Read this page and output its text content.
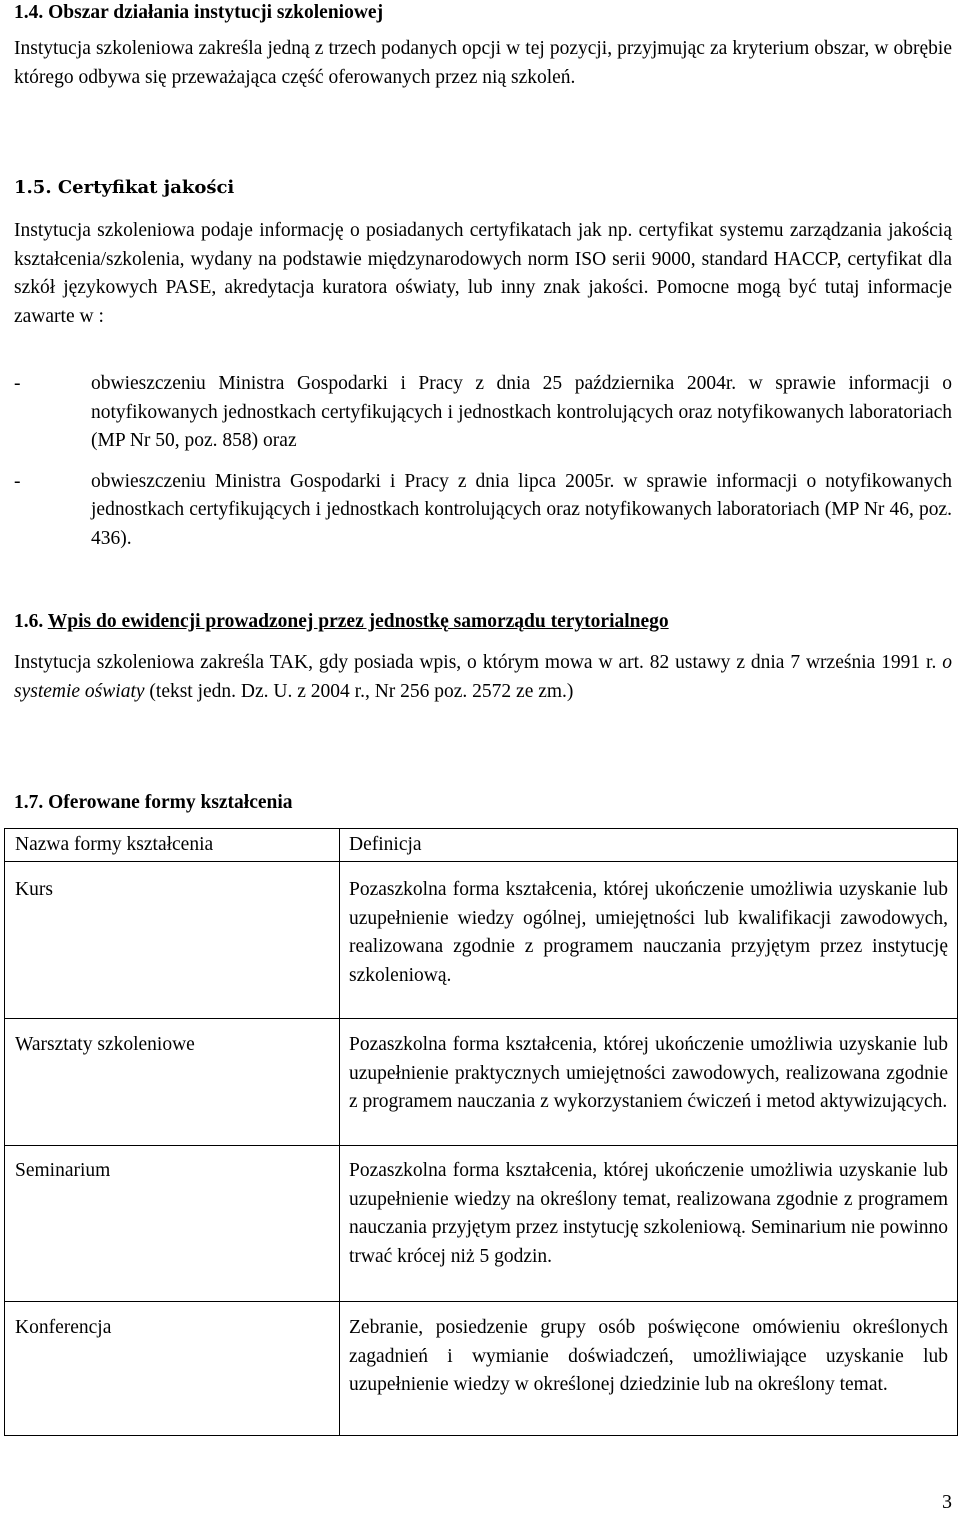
1.4. Obszar działania instytucji szkoleniowej

Instytucja szkoleniowa zakreśla jedną z trzech podanych opcji w tej pozycji, przyjmując za kryterium obszar, w obrębie którego odbywa się przeważająca część oferowanych przez nią szkoleń.

1.5. Certyfikat jakości

Instytucja szkoleniowa podaje informację o posiadanych certyfikatach jak np. certyfikat systemu zarządzania jakością kształcenia/szkolenia, wydany na podstawie międzynarodowych norm ISO serii 9000, standard HACCP, certyfikat dla szkół językowych PASE, akredytacja kuratora oświaty, lub inny znak jakości. Pomocne mogą być tutaj informacje zawarte w :

-	obwieszczeniu Ministra Gospodarki i Pracy z dnia 25 października 2004r. w sprawie informacji o notyfikowanych jednostkach certyfikujących i jednostkach kontrolujących oraz notyfikowanych laboratoriach (MP Nr 50, poz. 858) oraz
-	obwieszczeniu Ministra Gospodarki i Pracy z dnia lipca 2005r. w sprawie informacji o notyfikowanych jednostkach certyfikujących i jednostkach kontrolujących oraz notyfikowanych laboratoriach (MP Nr 46, poz. 436).
1.6. Wpis do ewidencji prowadzonej przez jednostkę samorządu terytorialnego

Instytucja szkoleniowa zakreśla TAK, gdy posiada wpis, o którym mowa w art. 82 ustawy z dnia 7 września 1991 r. o systemie oświaty (tekst jedn. Dz. U. z 2004 r., Nr 256 poz. 2572 ze zm.)

1.7. Oferowane formy kształcenia
Nazwa formy kształcenia	Definicja
Kurs	Pozaszkolna forma kształcenia, której ukończenie umożliwia uzyskanie lub uzupełnienie wiedzy ogólnej, umiejętności lub kwalifikacji zawodowych, realizowana zgodnie z programem nauczania przyjętym przez instytucję szkoleniową.

Warsztaty szkoleniowe	Pozaszkolna forma kształcenia, której ukończenie umożliwia uzyskanie lub uzupełnienie praktycznych umiejętności zawodowych, realizowana zgodnie z programem nauczania z wykorzystaniem ćwiczeń i metod aktywizujących.

Seminarium	Pozaszkolna forma kształcenia, której ukończenie umożliwia uzyskanie lub uzupełnienie wiedzy na określony temat, realizowana zgodnie z programem nauczania przyjętym przez instytucję szkoleniową. Seminarium nie powinno trwać krócej niż 5 godzin.

Konferencja	Zebranie, posiedzenie grupy osób poświęcone omówieniu określonych zagadnień i wymianie doświadczeń, umożliwiające uzyskanie lub uzupełnienie wiedzy w określonej dziedzinie lub na określony temat.

3
